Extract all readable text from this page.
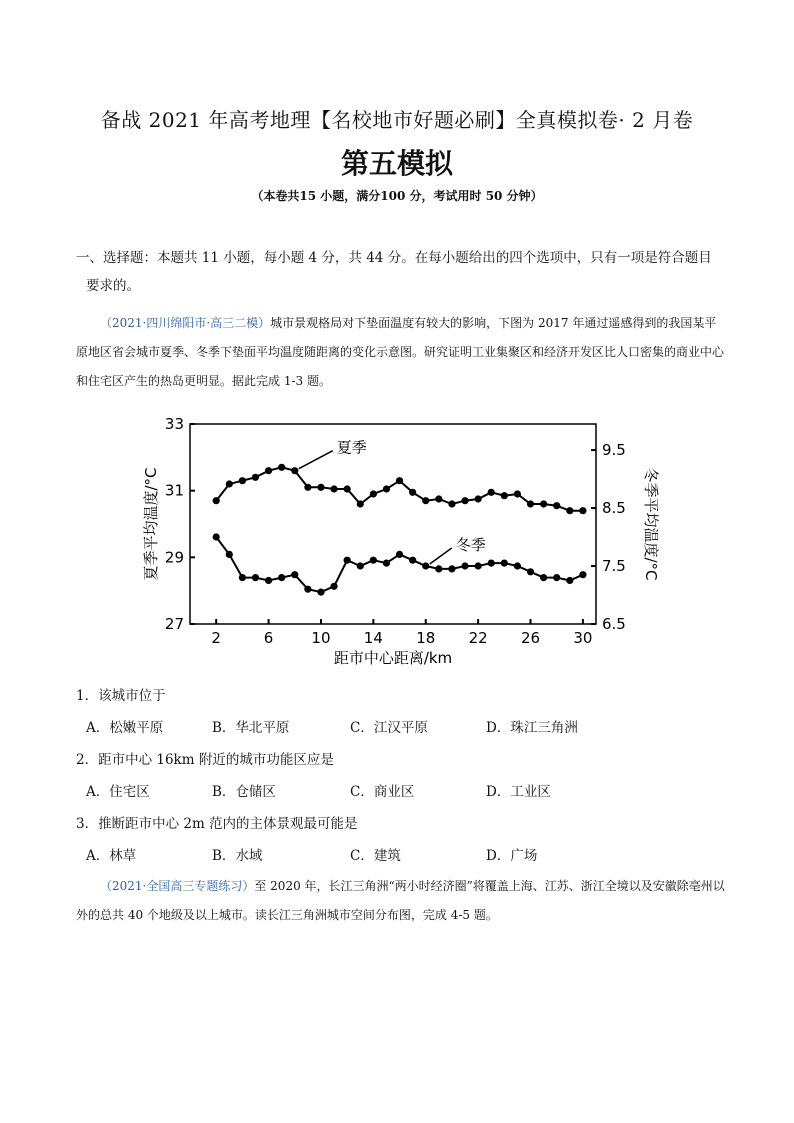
备战 2021 年高考地理【名校地市好题必刷】全真模拟卷· 2 月卷
第五模拟
（本卷共15 小题，满分100 分，考试用时 50 分钟）
一、选择题：本题共 11 小题，每小题 4 分，共 44 分。在每小题给出的四个选项中，只有一项是符合题目
要求的。
（2021·四川绵阳市·高三二模）城市景观格局对下垫面温度有较大的影响，下图为 2017 年通过遥感得到的我国某平原地区省会城市夏季、冬季下垫面平均温度随距离的变化示意图。研究证明工业集聚区和经济开发区比人口密集的商业中心和住宅区产生的热岛更明显。据此完成 1-3 题。
2	6	10 14 18 22 26 30
27
29
31
33
6.5
7.5
8.5
9.5
夏季
冬季
距市中心距离/km
夏季平均温度/°C	冬季平均温度/°C
1．该城市位于
A．松嫩平原	B．华北平原	C．江汉平原	D．珠江三角洲
2．距市中心 16km 附近的城市功能区应是
A．住宅区	B．仓储区	C．商业区	D．工业区
3．推断距市中心 2m 范内的主体景观最可能是
A．林草	B．水域	C．建筑	D．广场
（2021·全国高三专题练习）至 2020 年，长江三角洲“两小时经济圈”将覆盖上海、江苏、浙江全境以及安徽除亳州以外的总共 40 个地级及以上城市。读长江三角洲城市空间分布图，完成 4-5 题。
